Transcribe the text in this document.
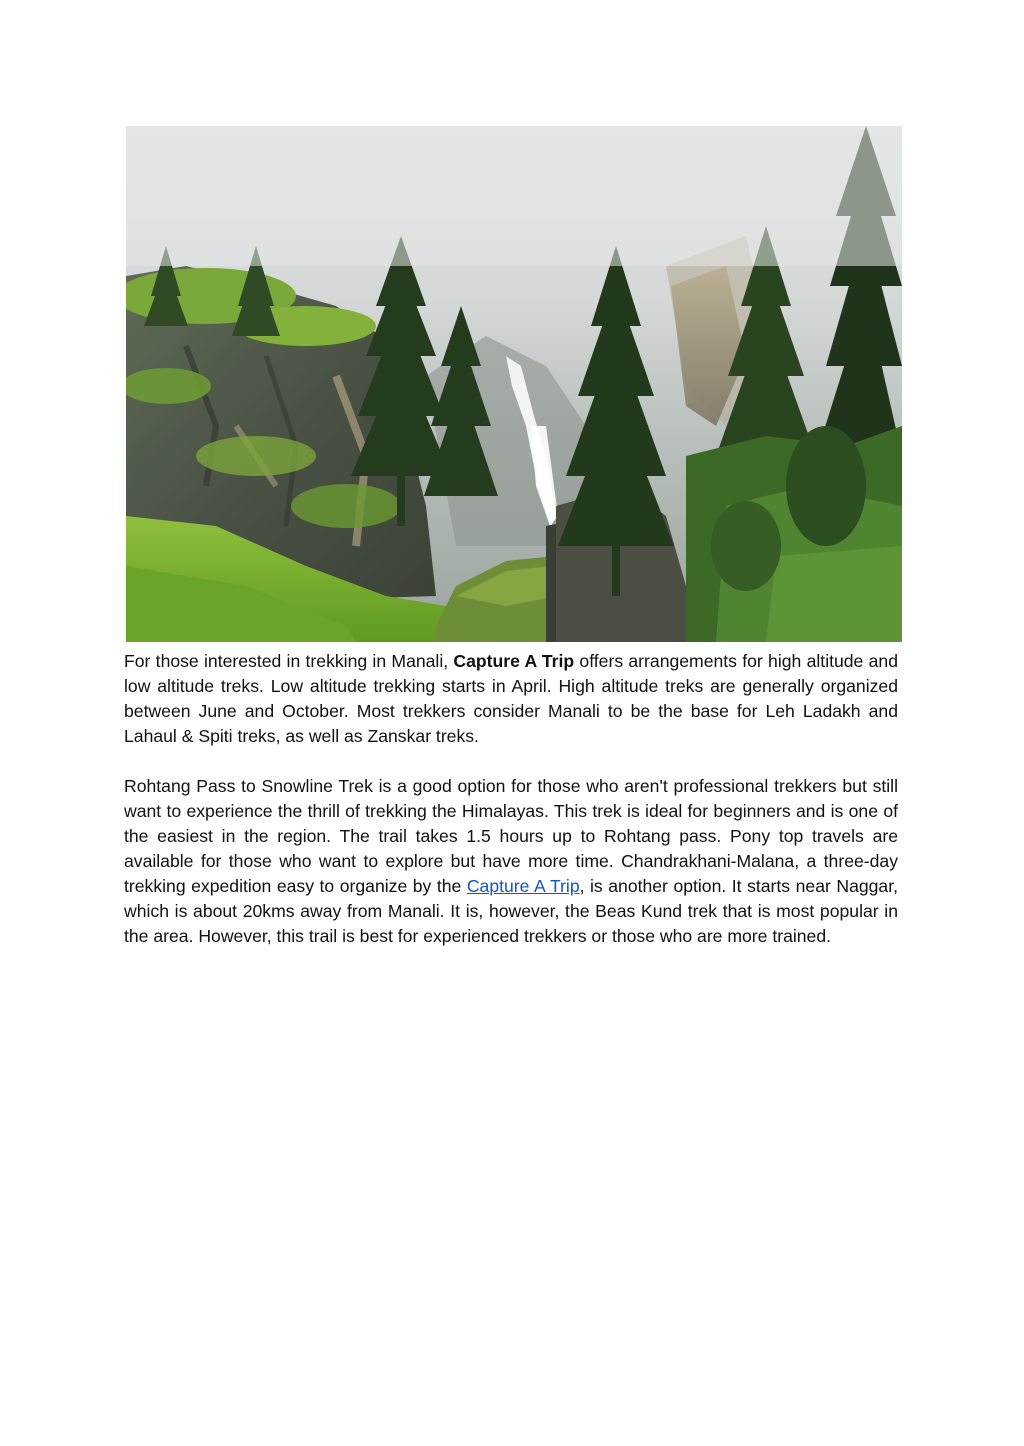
For those interested in trekking in Manali, Capture A Trip offers arrangements for high altitude and low altitude treks. Low altitude trekking starts in April. High altitude treks are generally organized between June and October. Most trekkers consider Manali to be the base for Leh Ladakh and Lahaul & Spiti treks, as well as Zanskar treks.

Rohtang Pass to Snowline Trek is a good option for those who aren't professional trekkers but still want to experience the thrill of trekking the Himalayas. This trek is ideal for beginners and is one of the easiest in the region. The trail takes 1.5 hours up to Rohtang pass. Pony top travels are available for those who want to explore but have more time. Chandrakhani-Malana, a three-day trekking expedition easy to organize by the Capture A Trip, is another option. It starts near Naggar, which is about 20kms away from Manali. It is, however, the Beas Kund trek that is most popular in the area. However, this trail is best for experienced trekkers or those who are more trained.
